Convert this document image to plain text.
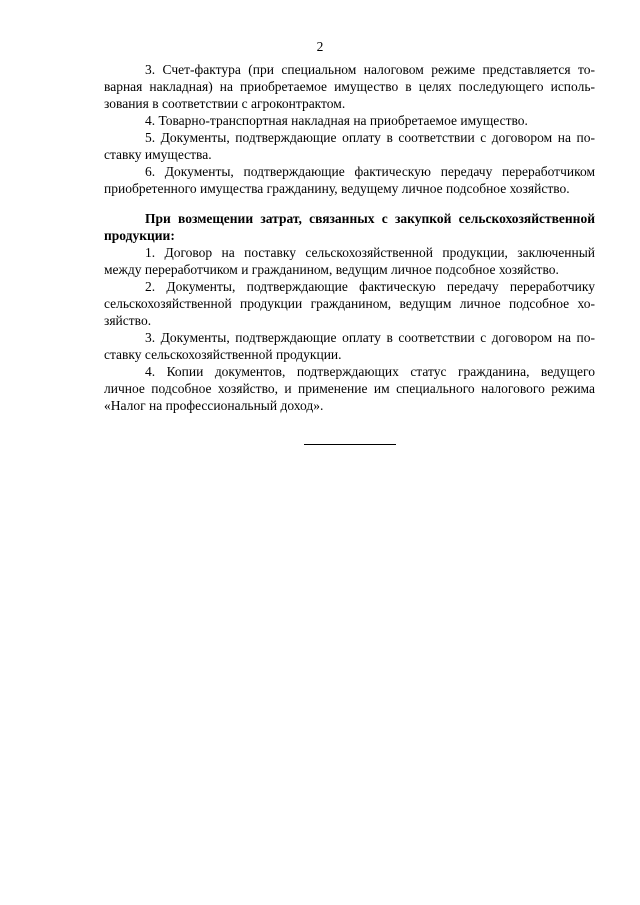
2
3. Счет-фактура (при специальном налоговом режиме представляется то-
варная накладная) на приобретаемое имущество в целях последующего исполь-
зования в соответствии с агроконтрактом.
4. Товарно-транспортная накладная на приобретаемое имущество.
5. Документы, подтверждающие оплату в соответствии с договором на по-
ставку имущества.
6. Документы, подтверждающие фактическую передачу переработчиком
приобретенного имущества гражданину, ведущему личное подсобное хозяйство.
При возмещении затрат, связанных с закупкой сельскохозяйственной
продукции:
1. Договор на поставку сельскохозяйственной продукции, заключенный
между переработчиком и гражданином, ведущим личное подсобное хозяйство.
2. Документы, подтверждающие фактическую передачу переработчику
сельскохозяйственной продукции гражданином, ведущим личное подсобное хо-
зяйство.
3. Документы, подтверждающие оплату в соответствии с договором на по-
ставку сельскохозяйственной продукции.
4. Копии документов, подтверждающих статус гражданина, ведущего
личное подсобное хозяйство, и применение им специального налогового режима
«Налог на профессиональный доход».
